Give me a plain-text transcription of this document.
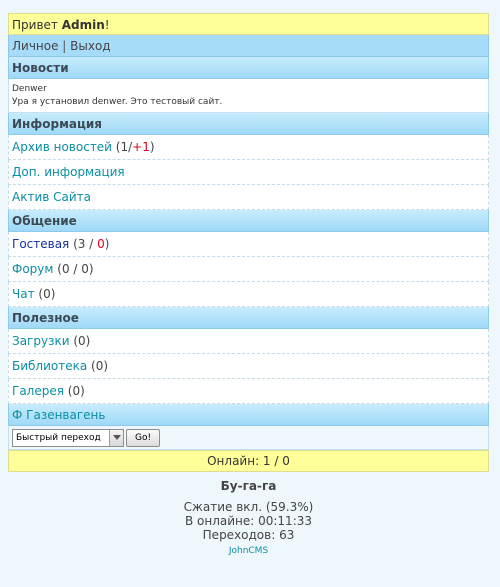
Привет Admin!
Личное | Выход
Новости
Denwer
Ура я установил denwer. Это тестовый сайт.
Информация
Архив новостей (1/+1)
Доп. информация
Актив Сайта
Общение
Гостевая (3 / 0)
Форум (0 / 0)
Чат (0)
Полезное
Загрузки (0)
Библиотека (0)
Галерея (0)
Ф Газенвагень
Быстрый переход	Go!
Онлайн: 1 / 0
Бу-га-га
Сжатие вкл. (59.3%)
В онлайне: 00:11:33
Переходов: 63
JohnCMS
